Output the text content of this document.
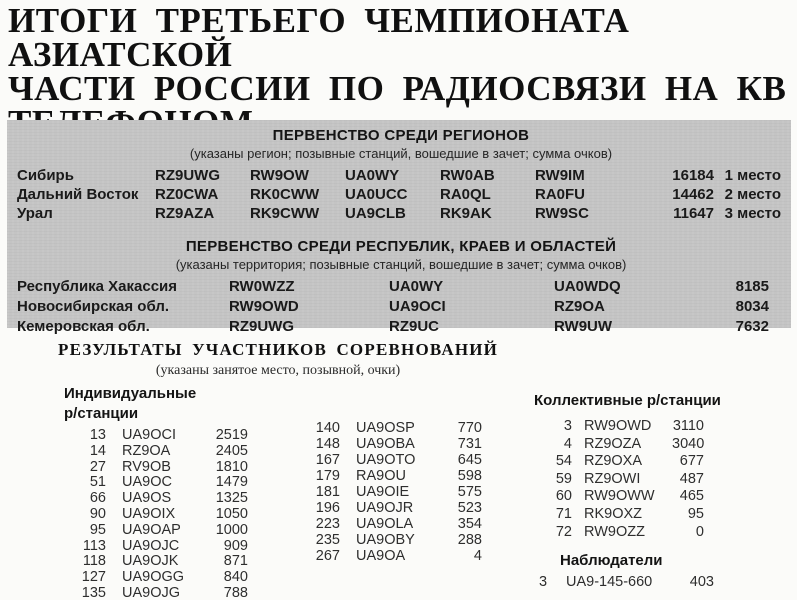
ИТОГИ ТРЕТЬЕГО ЧЕМПИОНАТА АЗИАТСКОЙ
ЧАСТИ РОССИИ ПО РАДИОСВЯЗИ НА КВ

ПЕРВЕНСТВО СРЕДИ РЕГИОНОВ
(указаны регион; позывные станций, вошедшие в зачет; сумма очков)
Сибирь	RZ9UWG	RW9OW	UA0WY	RW0AB	RW9IM	16184 1 место
Дальний Восток	RZ0CWA	RK0CWW	UA0UCC	RA0QL	RA0FU	14462 2 место
Урал	RZ9AZA	RK9CWW	UA9CLB	RK9AK	RW9SC	11647 3 место
ПЕРВЕНСТВО СРЕДИ РЕСПУБЛИК, КРАЕВ И ОБЛАСТЕЙ
(указаны территория; позывные станций, вошедшие в зачет; сумма очков)
Республика Хакассия	RW0WZZ	UA0WY	UA0WDQ	8185
Новосибирская обл.	RW9OWD	UA9OCI	RZ9OA	8034
Кемеровская обл.	RZ9UWG	RZ9UC	RW9UW	7632
РЕЗУЛЬТАТЫ УЧАСТНИКОВ СОРЕВНОВАНИЙ
(указаны занятое место, позывной, очки)
Индивидуальные
р/станции
13 UA9OCI	2519
14 RZ9OA	2405
27 RV9OB	1810
51 UA9OC	1479
66 UA9OS	1325
90 UA9OIX	1050
95 UA9OAP	1000
113 UA9OJC	909
118 UA9OJK	871
127 UA9OGG	840
135 UA9OJG	788
140 UA9OSP	770
148 UA9OBA	731
167 UA9OTO	645
179 RA9OU	598
181 UA9OIE	575
196 UA9OJR	523
223 UA9OLA	354
235 UA9OBY	288
267 UA9OA	4
Коллективные р/станции
3 RW9OWD	3110
4 RZ9OZA	3040
54 RZ9OXA	677
59 RZ9OWI	487
60 RW9OWW	465
71 RK9OXZ	95
72 RW9OZZ	0
Наблюдатели
3 UA9-145-660	403
